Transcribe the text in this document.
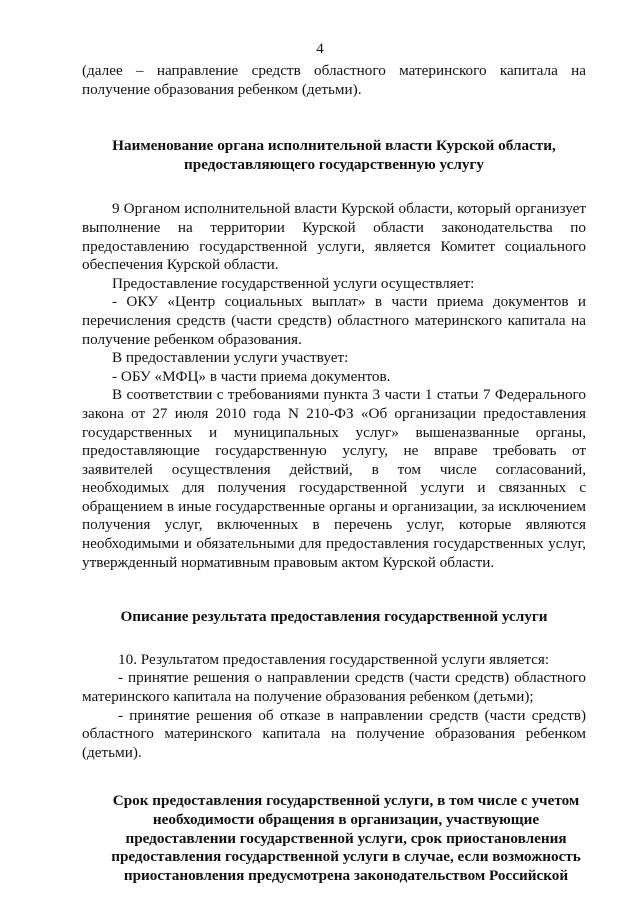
4

(далее – направление средств областного материнского капитала на получение образования ребенком (детьми).

Наименование органа исполнительной власти Курской области, предоставляющего государственную услугу

9 Органом исполнительной власти Курской области, который организует выполнение на территории Курской области законодательства по предоставлению государственной услуги, является Комитет социального обеспечения Курской области.

Предоставление государственной услуги осуществляет:

- ОКУ «Центр социальных выплат» в части приема документов и перечисления средств (части средств) областного материнского капитала на получение ребенком образования.

В предоставлении услуги участвует:

- ОБУ «МФЦ» в части приема документов.

В соответствии с требованиями пункта 3 части 1 статьи 7 Федерального закона от 27 июля 2010 года N 210-ФЗ «Об организации предоставления государственных и муниципальных услуг» вышеназванные органы, предоставляющие государственную услугу, не вправе требовать от заявителей осуществления действий, в том числе согласований, необходимых для получения государственной услуги и связанных с обращением в иные государственные органы и организации, за исключением получения услуг, включенных в перечень услуг, которые являются необходимыми и обязательными для предоставления государственных услуг, утвержденный нормативным правовым актом Курской области.

Описание результата предоставления государственной услуги

10. Результатом предоставления государственной услуги является:

- принятие решения о направлении средств (части средств) областного материнского капитала на получение образования ребенком (детьми);

- принятие решения об отказе в направлении средств (части средств) областного материнского капитала на получение образования ребенком (детьми).

Срок предоставления государственной услуги, в том числе с учетом необходимости обращения в организации, участвующие предоставлении государственной услуги, срок приостановления предоставления государственной услуги в случае, если возможность приостановления предусмотрена законодательством Российской
